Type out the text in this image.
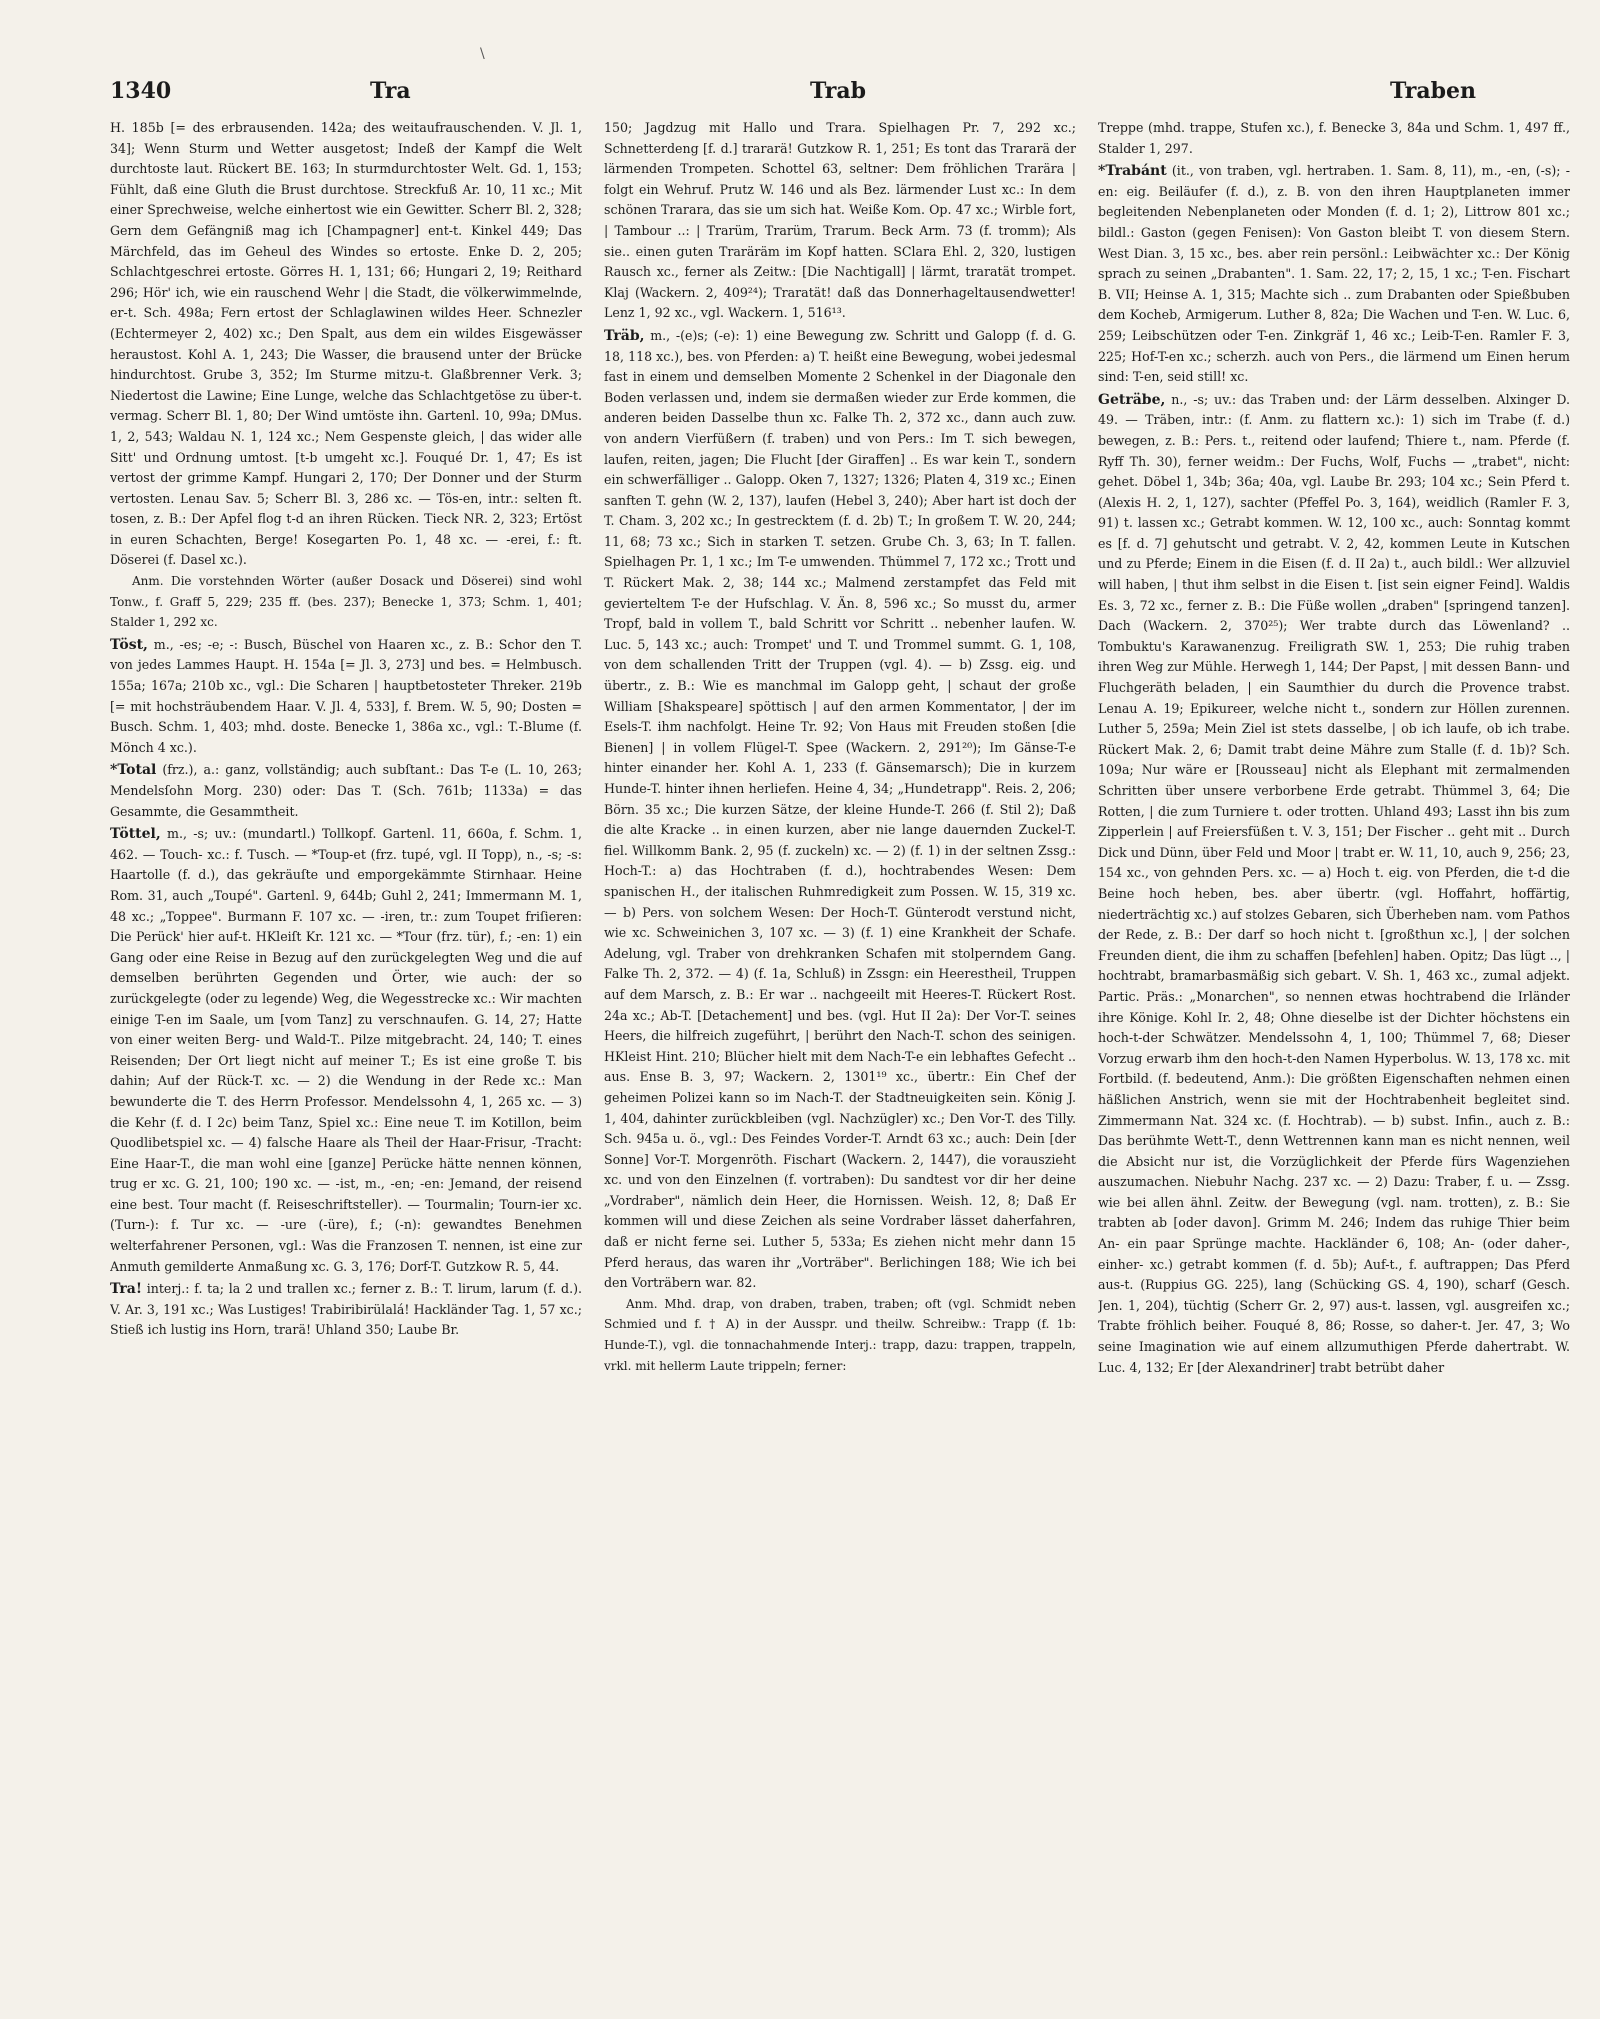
\
1340	Tra	Trab	Traben

H. 185b [= des erbrausenden. 142a; des weitaufrauschenden. V. Jl. 1, 34]; Wenn Sturm und Wetter ausgetost; Indeß der Kampf die Welt durchtoste laut. Rückert BE. 163; In sturmdurchtoster Welt. Gd. 1, 153; Fühlt, daß eine Gluth die Brust durchtose. Streckfuß Ar. 10, 11 xc.; Mit einer Sprechweise, welche einhertost wie ein Gewitter. Scherr Bl. 2, 328; Gern dem Gefängniß mag ich [Champagner] ent-t. Kinkel 449; Das Märchfeld, das im Geheul des Windes so ertoste. Enke D. 2, 205; Schlachtgeschrei ertoste. Görres H. 1, 131; 66; Hungari 2, 19; Reithard 296; Hör' ich, wie ein rauschend Wehr | die Stadt, die völkerwimmelnde, er-t. Sch. 498a; Fern ertost der Schlaglawinen wildes Heer. Schnezler (Echtermeyer 2, 402) xc.; Den Spalt, aus dem ein wildes Eisgewässer heraustost. Kohl A. 1, 243; Die Wasser, die brausend unter der Brücke hindurchtost. Grube 3, 352; Im Sturme mitzu-t. Glaßbrenner Verk. 3; Niedertost die Lawine; Eine Lunge, welche das Schlachtgetöse zu über-t. vermag. Scherr Bl. 1, 80; Der Wind umtöste ihn. Gartenl. 10, 99a; DMus. 1, 2, 543; Waldau N. 1, 124 xc.; Nem Gespenste gleich, | das wider alle Sitt' und Ordnung umtost. [t-b umgeht xc.]. Fouqué Dr. 1, 47; Es ist vertost der grimme Kampf. Hungari 2, 170; Der Donner und der Sturm vertosten. Lenau Sav. 5; Scherr Bl. 3, 286 xc. — Tös-en, intr.: selten ft. tosen, z. B.: Der Apfel flog t-d an ihren Rücken. Tieck NR. 2, 323; Ertöst in euren Schachten, Berge! Kosegarten Po. 1, 48 xc. — -erei, f.: ft. Döserei (f. Dasel xc.).

Anm. Die vorstehnden Wörter (außer Dosack und Döserei) sind wohl Tonw., f. Graff 5, 229; 235 ff. (bes. 237); Benecke 1, 373; Schm. 1, 401; Stalder 1, 292 xc.

Töst, m., -es; -e; -: Busch, Büschel von Haaren xc., z. B.: Schor den T. von jedes Lammes Haupt. H. 154a [= Jl. 3, 273] und bes. = Helmbusch. 155a; 167a; 210b xc., vgl.: Die Scharen | hauptbetosteter Threker. 219b [= mit hochsträubendem Haar. V. Jl. 4, 533], f. Brem. W. 5, 90; Dosten = Busch. Schm. 1, 403; mhd. doste. Benecke 1, 386a xc., vgl.: T.-Blume (f. Mönch 4 xc.).

*Total (frz.), a.: ganz, vollständig; auch subſtant.: Das T-e (L. 10, 263; Mendelsſohn Morg. 230) oder: Das T. (Sch. 761b; 1133a) = das Gesammte, die Gesammtheit.

Töttel, m., -s; uv.: (mundartl.) Tollkopf. Gartenl. 11, 660a, f. Schm. 1, 462. — Touch- xc.: f. Tusch. — *Toup-et (frz. tupé, vgl. II Topp), n., -s; -s: Haartolle (f. d.), das gekräuſte und emporgekämmte Stirnhaar. Heine Rom. 31, auch „Toupé". Gartenl. 9, 644b; Guhl 2, 241; Immermann M. 1, 48 xc.; „Toppee". Burmann F. 107 xc. — -iren, tr.: zum Toupet friſieren: Die Perück' hier auf-t. HKleiſt Kr. 121 xc. — *Tour (frz. tür), f.; -en: 1) ein Gang oder eine Reise in Bezug auf den zurückgelegten Weg und die auf demselben berührten Gegenden und Örter, wie auch: der so zurückgelegte (oder zu legende) Weg, die Wegesstrecke xc.: Wir machten einige T-en im Saale, um [vom Tanz] zu verschnaufen. G. 14, 27; Hatte von einer weiten Berg- und Wald-T.. Pilze mitgebracht. 24, 140; T. eines Reisenden; Der Ort liegt nicht auf meiner T.; Es ist eine große T. bis dahin; Auf der Rück-T. xc. — 2) die Wendung in der Rede xc.: Man bewunderte die T. des Herrn Professor. Mendelssohn 4, 1, 265 xc. — 3) die Kehr (f. d. I 2c) beim Tanz, Spiel xc.: Eine neue T. im Kotillon, beim Quodlibetspiel xc. — 4) falsche Haare als Theil der Haar-Frisur, -Tracht: Eine Haar-T., die man wohl eine [ganze] Perücke hätte nennen können, trug er xc. G. 21, 100; 190 xc. — -ist, m., -en; -en: Jemand, der reisend eine best. Tour macht (f. Reiseschriftsteller). — Tourmalin; Tourn-ier xc. (Turn-): f. Tur xc. — -ure (-üre), f.; (-n): gewandtes Benehmen welterfahrener Personen, vgl.: Was die Franzosen T. nennen, ist eine zur Anmuth gemilderte Anmaßung xc. G. 3, 176; Dorf-T. Gutzkow R. 5, 44.

Tra! interj.: f. ta; la 2 und trallen xc.; ferner z. B.: T. lirum, larum (f. d.). V. Ar. 3, 191 xc.; Was Lustiges! Trabiribirülalá! Hackländer Tag. 1, 57 xc.; Stieß ich lustig ins Horn, trarä! Uhland 350; Laube Br.

150; Jagdzug mit Hallo und Trara. Spielhagen Pr. 7, 292 xc.; Schnetterdeng [f. d.] trararä! Gutzkow R. 1, 251; Es tont das Trararä der lärmenden Trompeten. Schottel 63, seltner: Dem fröhlichen Trarära | folgt ein Wehruf. Prutz W. 146 und als Bez. lärmender Lust xc.: In dem schönen Trarara, das sie um sich hat. Weiße Kom. Op. 47 xc.; Wirble fort, | Tambour ..: | Trarüm, Trarüm, Trarum. Beck Arm. 73 (f. tromm); Als sie.. einen guten Traräräm im Kopf hatten. SClara Ehl. 2, 320, lustigen Rausch xc., ferner als Zeitw.: [Die Nachtigall] | lärmt, traratät trompet. Klaj (Wackern. 2, 409²⁴); Traratät! daß das Donnerhageltausendwetter! Lenz 1, 92 xc., vgl. Wackern. 1, 516¹³.

Träb, m., -(e)s; (-e): 1) eine Bewegung zw. Schritt und Galopp (f. d. G. 18, 118 xc.), bes. von Pferden: a) T. heißt eine Bewegung, wobei jedesmal fast in einem und demselben Momente 2 Schenkel in der Diagonale den Boden verlassen und, indem sie dermaßen wieder zur Erde kommen, die anderen beiden Dasselbe thun xc. Falke Th. 2, 372 xc., dann auch zuw. von andern Vierfüßern (f. traben) und von Pers.: Im T. sich bewegen, laufen, reiten, jagen; Die Flucht [der Giraffen] .. Es war kein T., sondern ein schwerfälliger .. Galopp. Oken 7, 1327; 1326; Platen 4, 319 xc.; Einen sanften T. gehn (W. 2, 137), laufen (Hebel 3, 240); Aber hart ist doch der T. Cham. 3, 202 xc.; In gestrecktem (f. d. 2b) T.; In großem T. W. 20, 244; 11, 68; 73 xc.; Sich in starken T. setzen. Grube Ch. 3, 63; In T. fallen. Spielhagen Pr. 1, 1 xc.; Im T-e umwenden. Thümmel 7, 172 xc.; Trott und T. Rückert Mak. 2, 38; 144 xc.; Malmend zerstampfet das Feld mit gevierteltem T-e der Hufschlag. V. Än. 8, 596 xc.; So musst du, armer Tropf, bald in vollem T., bald Schritt vor Schritt .. nebenher laufen. W. Luc. 5, 143 xc.; auch: Trompet' und T. und Trommel summt. G. 1, 108, von dem schallenden Tritt der Truppen (vgl. 4). — b) Zssg. eig. und übertr., z. B.: Wie es manchmal im Galopp geht, | schaut der große William [Shakspeare] spöttisch | auf den armen Kommentator, | der im Esels-T. ihm nachfolgt. Heine Tr. 92; Von Haus mit Freuden stoßen [die Bienen] | in vollem Flügel-T. Spee (Wackern. 2, 291²⁰); Im Gänse-T-e hinter einander her. Kohl A. 1, 233 (f. Gänsemarsch); Die in kurzem Hunde-T. hinter ihnen herliefen. Heine 4, 34; „Hundetrapp". Reis. 2, 206; Börn. 35 xc.; Die kurzen Sätze, der kleine Hunde-T. 266 (f. Stil 2); Daß die alte Kracke .. in einen kurzen, aber nie lange dauernden Zuckel-T. fiel. Willkomm Bank. 2, 95 (f. zuckeln) xc. — 2) (f. 1) in der seltnen Zssg.: Hoch-T.: a) das Hochtraben (f. d.), hochtrabendes Wesen: Dem spanischen H., der italischen Ruhmredigkeit zum Possen. W. 15, 319 xc. — b) Pers. von solchem Wesen: Der Hoch-T. Günterodt verstund nicht, wie xc. Schweinichen 3, 107 xc. — 3) (f. 1) eine Krankheit der Schafe. Adelung, vgl. Traber von drehkranken Schafen mit stolperndem Gang. Falke Th. 2, 372. — 4) (f. 1a, Schluß) in Zssgn: ein Heerestheil, Truppen auf dem Marsch, z. B.: Er war .. nachgeeilt mit Heeres-T. Rückert Rost. 24a xc.; Ab-T. [Detachement] und bes. (vgl. Hut II 2a): Der Vor-T. seines Heers, die hilfreich zugeführt, | berührt den Nach-T. schon des seinigen. HKleist Hint. 210; Blücher hielt mit dem Nach-T-e ein lebhaftes Gefecht .. aus. Ense B. 3, 97; Wackern. 2, 1301¹⁹ xc., übertr.: Ein Chef der geheimen Polizei kann so im Nach-T. der Stadtneuigkeiten sein. König J. 1, 404, dahinter zurückbleiben (vgl. Nachzügler) xc.; Den Vor-T. des Tilly. Sch. 945a u. ö., vgl.: Des Feindes Vorder-T. Arndt 63 xc.; auch: Dein [der Sonne] Vor-T. Morgenröth. Fischart (Wackern. 2, 1447), die vorauszieht xc. und von den Einzelnen (f. vortraben): Du sandtest vor dir her deine „Vordraber", nämlich dein Heer, die Hornissen. Weish. 12, 8; Daß Er kommen will und diese Zeichen als seine Vordraber lässet daherfahren, daß er nicht ferne sei. Luther 5, 533a; Es ziehen nicht mehr dann 15 Pferd heraus, das waren ihr „Vorträber". Berlichingen 188; Wie ich bei den Vorträbern war. 82.

Anm. Mhd. drap, von draben, traben, traben; oft (vgl. Schmidt neben Schmied und f. † A) in der Ausspr. und theilw. Schreibw.: Trapp (f. 1b: Hunde-T.), vgl. die tonnachahmende Interj.: trapp, dazu: trappen, trappeln, vrkl. mit hellerm Laute trippeln; ferner:

Treppe (mhd. trappe, Stufen xc.), f. Benecke 3, 84a und Schm. 1, 497 ff., Stalder 1, 297.

*Trabánt (it., von traben, vgl. hertraben. 1. Sam. 8, 11), m., -en, (-s); -en: eig. Beiläufer (f. d.), z. B. von den ihren Hauptplaneten immer begleitenden Nebenplaneten oder Monden (f. d. 1; 2), Littrow 801 xc.; bildl.: Gaston (gegen Fenisen): Von Gaston bleibt T. von diesem Stern. West Dian. 3, 15 xc., bes. aber rein persönl.: Leibwächter xc.: Der König sprach zu seinen „Drabanten". 1. Sam. 22, 17; 2, 15, 1 xc.; T-en. Fischart B. VII; Heinse A. 1, 315; Machte sich .. zum Drabanten oder Spießbuben dem Kocheb, Armigerum. Luther 8, 82a; Die Wachen und T-en. W. Luc. 6, 259; Leibschützen oder T-en. Zinkgräf 1, 46 xc.; Leib-T-en. Ramler F. 3, 225; Hof-T-en xc.; scherzh. auch von Pers., die lärmend um Einen herum sind: T-en, seid still! xc.

Geträbe, n., -s; uv.: das Traben und: der Lärm desselben. Alxinger D. 49. — Träben, intr.: (f. Anm. zu flattern xc.): 1) sich im Trabe (f. d.) bewegen, z. B.: Pers. t., reitend oder laufend; Thiere t., nam. Pferde (f. Ryff Th. 30), ferner weidm.: Der Fuchs, Wolf, Fuchs — „trabet", nicht: gehet. Döbel 1, 34b; 36a; 40a, vgl. Laube Br. 293; 104 xc.; Sein Pferd t. (Alexis H. 2, 1, 127), sachter (Pfeffel Po. 3, 164), weidlich (Ramler F. 3, 91) t. lassen xc.; Getrabt kommen. W. 12, 100 xc., auch: Sonntag kommt es [f. d. 7] gehutscht und getrabt. V. 2, 42, kommen Leute in Kutschen und zu Pferde; Einem in die Eisen (f. d. II 2a) t., auch bildl.: Wer allzuviel will haben, | thut ihm selbst in die Eisen t. [ist sein eigner Feind]. Waldis Es. 3, 72 xc., ferner z. B.: Die Füße wollen „draben" [springend tanzen]. Dach (Wackern. 2, 370²⁵); Wer trabte durch das Löwenland? .. Tombuktu's Karawanenzug. Freiligrath SW. 1, 253; Die ruhig traben ihren Weg zur Mühle. Herwegh 1, 144; Der Papst, | mit dessen Bann- und Fluchgeräth beladen, | ein Saumthier du durch die Provence trabst. Lenau A. 19; Epikureer, welche nicht t., sondern zur Höllen zurennen. Luther 5, 259a; Mein Ziel ist stets dasselbe, | ob ich laufe, ob ich trabe. Rückert Mak. 2, 6; Damit trabt deine Mähre zum Stalle (f. d. 1b)? Sch. 109a; Nur wäre er [Rousseau] nicht als Elephant mit zermalmenden Schritten über unsere verborbene Erde getrabt. Thümmel 3, 64; Die Rotten, | die zum Turniere t. oder trotten. Uhland 493; Lasst ihn bis zum Zipperlein | auf Freiersfüßen t. V. 3, 151; Der Fischer .. geht mit .. Durch Dick und Dünn, über Feld und Moor | trabt er. W. 11, 10, auch 9, 256; 23, 154 xc., von gehnden Pers. xc. — a) Hoch t. eig. von Pferden, die t-d die Beine hoch heben, bes. aber übertr. (vgl. Hoffahrt, hoffärtig, niederträchtig xc.) auf stolzes Gebaren, sich Überheben nam. vom Pathos der Rede, z. B.: Der darf so hoch nicht t. [großthun xc.], | der solchen Freunden dient, die ihm zu schaffen [befehlen] haben. Opitz; Das lügt .., | hochtrabt, bramarbasmäßig sich gebart. V. Sh. 1, 463 xc., zumal adjekt. Partic. Präs.: „Monarchen", so nennen etwas hochtrabend die Irländer ihre Könige. Kohl Ir. 2, 48; Ohne dieselbe ist der Dichter höchstens ein hoch-t-der Schwätzer. Mendelssohn 4, 1, 100; Thümmel 7, 68; Dieser Vorzug erwarb ihm den hoch-t-den Namen Hyperbolus. W. 13, 178 xc. mit Fortbild. (f. bedeutend, Anm.): Die größten Eigenschaften nehmen einen häßlichen Anstrich, wenn sie mit der Hochtrabenheit begleitet sind. Zimmermann Nat. 324 xc. (f. Hochtrab). — b) subst. Infin., auch z. B.: Das berühmte Wett-T., denn Wettrennen kann man es nicht nennen, weil die Absicht nur ist, die Vorzüglichkeit der Pferde fürs Wagenziehen auszumachen. Niebuhr Nachg. 237 xc. — 2) Dazu: Traber, f. u. — Zssg. wie bei allen ähnl. Zeitw. der Bewegung (vgl. nam. trotten), z. B.: Sie trabten ab [oder davon]. Grimm M. 246; Indem das ruhige Thier beim An- ein paar Sprünge machte. Hackländer 6, 108; An- (oder daher-, einher- xc.) getrabt kommen (f. d. 5b); Auf-t., f. auftrappen; Das Pferd aus-t. (Ruppius GG. 225), lang (Schücking GS. 4, 190), scharf (Gesch. Jen. 1, 204), tüchtig (Scherr Gr. 2, 97) aus-t. lassen, vgl. ausgreifen xc.; Trabte fröhlich beiher. Fouqué 8, 86; Rosse, so daher-t. Jer. 47, 3; Wo seine Imagination wie auf einem allzumuthigen Pferde dahertrabt. W. Luc. 4, 132; Er [der Alexandriner] trabt betrübt daher
